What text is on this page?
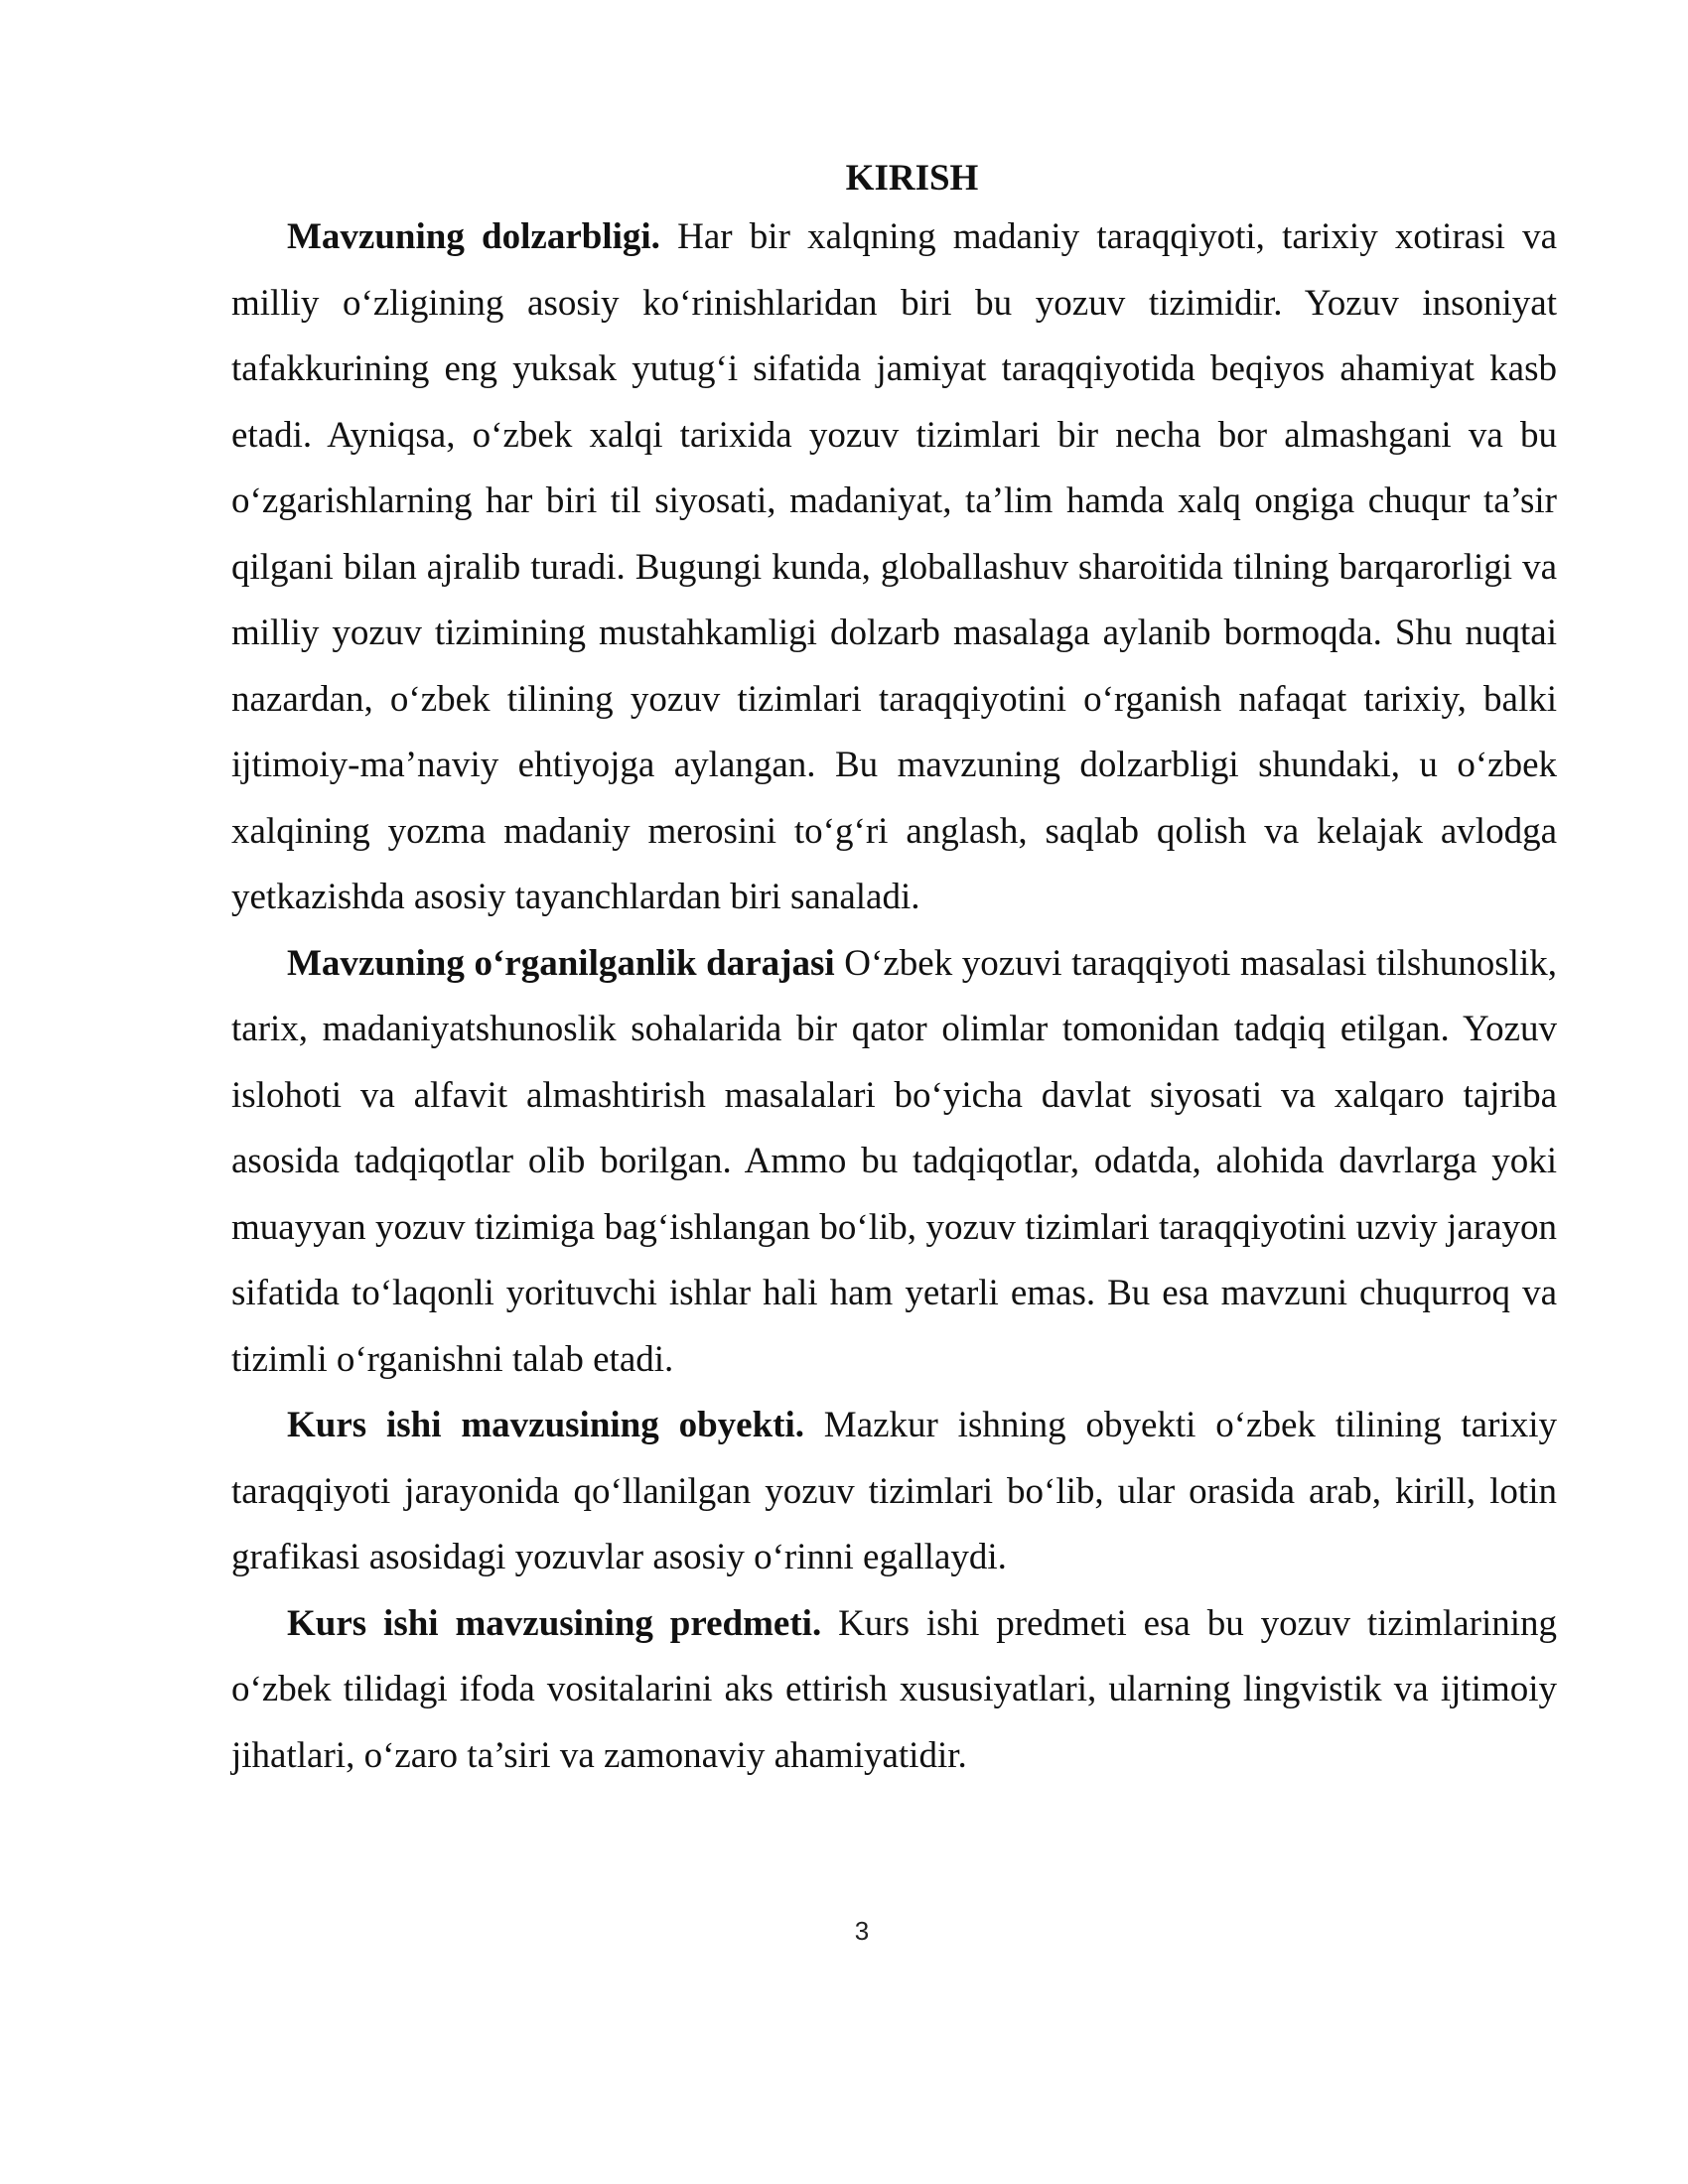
KIRISH

Mavzuning dolzarbligi. Har bir xalqning madaniy taraqqiyoti, tarixiy xotirasi va milliy o‘zligining asosiy ko‘rinishlaridan biri bu yozuv tizimidir. Yozuv insoniyat tafakkurining eng yuksak yutug‘i sifatida jamiyat taraqqiyotida beqiyos ahamiyat kasb etadi. Ayniqsa, o‘zbek xalqi tarixida yozuv tizimlari bir necha bor almashgani va bu o‘zgarishlarning har biri til siyosati, madaniyat, ta’lim hamda xalq ongiga chuqur ta’sir qilgani bilan ajralib turadi. Bugungi kunda, globallashuv sharoitida tilning barqarorligi va milliy yozuv tizimining mustahkamligi dolzarb masalaga aylanib bormoqda. Shu nuqtai nazardan, o‘zbek tilining yozuv tizimlari taraqqiyotini o‘rganish nafaqat tarixiy, balki ijtimoiy-ma’naviy ehtiyojga aylangan. Bu mavzuning dolzarbligi shundaki, u o‘zbek xalqining yozma madaniy merosini to‘g‘ri anglash, saqlab qolish va kelajak avlodga yetkazishda asosiy tayanchlardan biri sanaladi.

Mavzuning o‘rganilganlik darajasi O‘zbek yozuvi taraqqiyoti masalasi tilshunoslik, tarix, madaniyatshunoslik sohalarida bir qator olimlar tomonidan tadqiq etilgan. Yozuv islohoti va alfavit almashtirish masalalari bo‘yicha davlat siyosati va xalqaro tajriba asosida tadqiqotlar olib borilgan. Ammo bu tadqiqotlar, odatda, alohida davrlarga yoki muayyan yozuv tizimiga bag‘ishlangan bo‘lib, yozuv tizimlari taraqqiyotini uzviy jarayon sifatida to‘laqonli yorituvchi ishlar hali ham yetarli emas. Bu esa mavzuni chuqurroq va tizimli o‘rganishni talab etadi.

Kurs ishi mavzusining obyekti. Mazkur ishning obyekti o‘zbek tilining tarixiy taraqqiyoti jarayonida qo‘llanilgan yozuv tizimlari bo‘lib, ular orasida arab, kirill, lotin grafikasi asosidagi yozuvlar asosiy o‘rinni egallaydi.

Kurs ishi mavzusining predmeti. Kurs ishi predmeti esa bu yozuv tizimlarining o‘zbek tilidagi ifoda vositalarini aks ettirish xususiyatlari, ularning lingvistik va ijtimoiy jihatlari, o‘zaro ta’siri va zamonaviy ahamiyatidir.

3
